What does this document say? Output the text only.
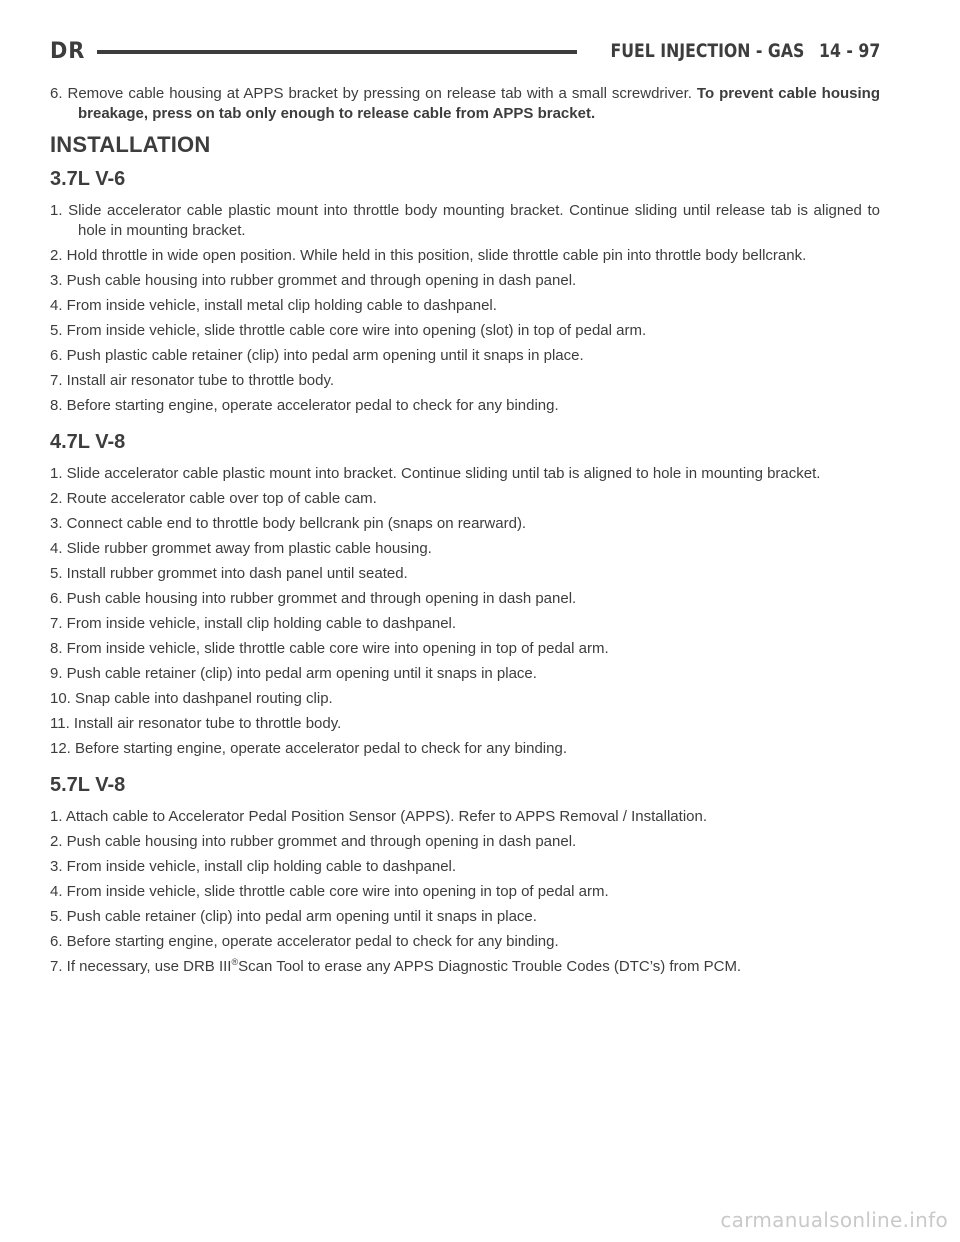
DR	FUEL INJECTION - GAS 14 - 97

6. Remove cable housing at APPS bracket by pressing on release tab with a small screwdriver. To prevent cable housing breakage, press on tab only enough to release cable from APPS bracket.

INSTALLATION
3.7L V-6

1. Slide accelerator cable plastic mount into throttle body mounting bracket. Continue sliding until release tab is aligned to hole in mounting bracket.

2. Hold throttle in wide open position. While held in this position, slide throttle cable pin into throttle body bellcrank.

3. Push cable housing into rubber grommet and through opening in dash panel.

4. From inside vehicle, install metal clip holding cable to dashpanel.

5. From inside vehicle, slide throttle cable core wire into opening (slot) in top of pedal arm.

6. Push plastic cable retainer (clip) into pedal arm opening until it snaps in place.

7. Install air resonator tube to throttle body.

8. Before starting engine, operate accelerator pedal to check for any binding.

4.7L V-8

1. Slide accelerator cable plastic mount into bracket. Continue sliding until tab is aligned to hole in mounting bracket.

2. Route accelerator cable over top of cable cam.

3. Connect cable end to throttle body bellcrank pin (snaps on rearward).

4. Slide rubber grommet away from plastic cable housing.

5. Install rubber grommet into dash panel until seated.

6. Push cable housing into rubber grommet and through opening in dash panel.

7. From inside vehicle, install clip holding cable to dashpanel.

8. From inside vehicle, slide throttle cable core wire into opening in top of pedal arm.

9. Push cable retainer (clip) into pedal arm opening until it snaps in place.

10. Snap cable into dashpanel routing clip.

11. Install air resonator tube to throttle body.

12. Before starting engine, operate accelerator pedal to check for any binding.

5.7L V-8

1. Attach cable to Accelerator Pedal Position Sensor (APPS). Refer to APPS Removal / Installation.

2. Push cable housing into rubber grommet and through opening in dash panel.

3. From inside vehicle, install clip holding cable to dashpanel.

4. From inside vehicle, slide throttle cable core wire into opening in top of pedal arm.

5. Push cable retainer (clip) into pedal arm opening until it snaps in place.

6. Before starting engine, operate accelerator pedal to check for any binding.

7. If necessary, use DRB III®Scan Tool to erase any APPS Diagnostic Trouble Codes (DTC’s) from PCM.

carmanualsonline.info
